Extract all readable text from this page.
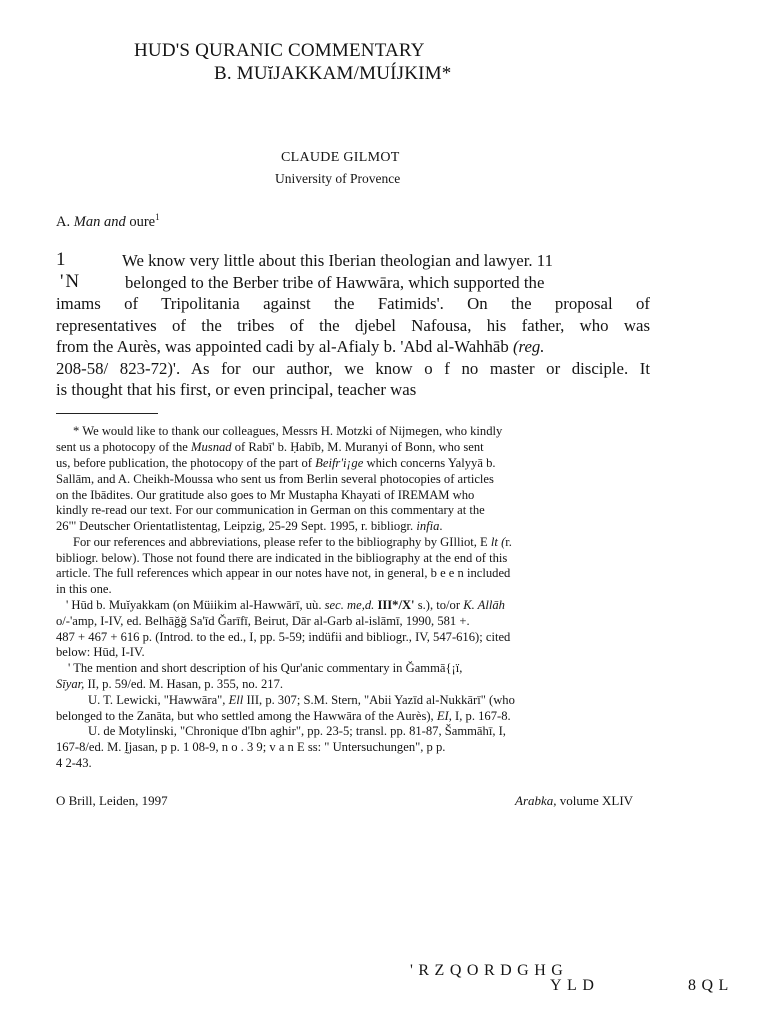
HUD'S QURANIC COMMENTARY
B. MUĭJAKKAM/MUÍJKIM*
CLAUDE GILMOT
University of Provence
A. Man and oure$^1$
1	We know very little about this Iberian theologian and lawyer. 11
'N	belonged to the Berber tribe of Hawwāra, which supported the
imams of Tripolitania against the Fatimids'. On the proposal of
representatives of the tribes of the djebel Nafousa, his father, who was
from the Aurès, was appointed cadi by al-Afialy b. 'Abd al-Wahhāb (reg.
208-58/ 823-72)'. As for our author, we know o f no master or disciple. It
is thought that his first, or even principal, teacher was
* We would like to thank our colleagues, Messrs H. Motzki of Nijmegen, who kindly
sent us a photocopy of the Musnad of Rabī' b. Ḥabīb, M. Muranyi of Bonn, who sent
us, before publication, the photocopy of the part of Beifr'i¡ge which concerns Yalyyā b.
Sallām, and A. Cheikh-Moussa who sent us from Berlin several photocopies of articles
on the Ibādites. Our gratitude also goes to Mr Mustapha Khayati of IREMAM who
kindly re-read our text. For our communication in German on this commentary at the
26"' Deutscher Orientatlistentag, Leipzig, 25-29 Sept. 1995, r. bibliogr. infia.
For our references and abbreviations, please refer to the bibliography by GIlliot, E lt (r.
bibliogr. below). Those not found there are indicated in the bibliography at the end of this
article. The full references which appear in our notes have not, in general, b e e n included
in this one.
' Hūd b. Muĭyakkam (on Müiikim al-Hawwārī, uù. sec. me,d. III*/X' s.), to/or K. Allāh
o/-'amp, I-IV, ed. Belhāğğ Sa'īd Ğarīfī, Beirut, Dār al-Garb al-islāmī, 1990, 581 +.
487 + 467 + 616 p. (Introd. to the ed., I, pp. 5-59; indüfii and bibliogr., IV, 547-616); cited
below: Hūd, I-IV.
' The mention and short description of his Qur'anic commentary in Ğammā{¡ï,
Sīyar, II, p. 59/ed. M. Hasan, p. 355, no. 217.
U. T. Lewicki, "Hawwāra", Ell III, p. 307; S.M. Stern, "Abii Yazīd al-Nukkārī" (who
belonged to the Zanāta, but who settled among the Hawwāra of the Aurès), EI, I, p. 167-8.
U. de Motylinski, "Chronique d'Ibn aghir", pp. 23-5; transl. pp. 81-87, Šammāhī, I,
167-8/ed. M. Ḭjasan, p p. 1 08-9, n o . 3 9; v a n E ss: " Untersuchungen", p p.
4 2-43.
O Brill, Leiden, 1997	Arabka, volume XLIV
'RZQORDGHG
YLD	8QL
